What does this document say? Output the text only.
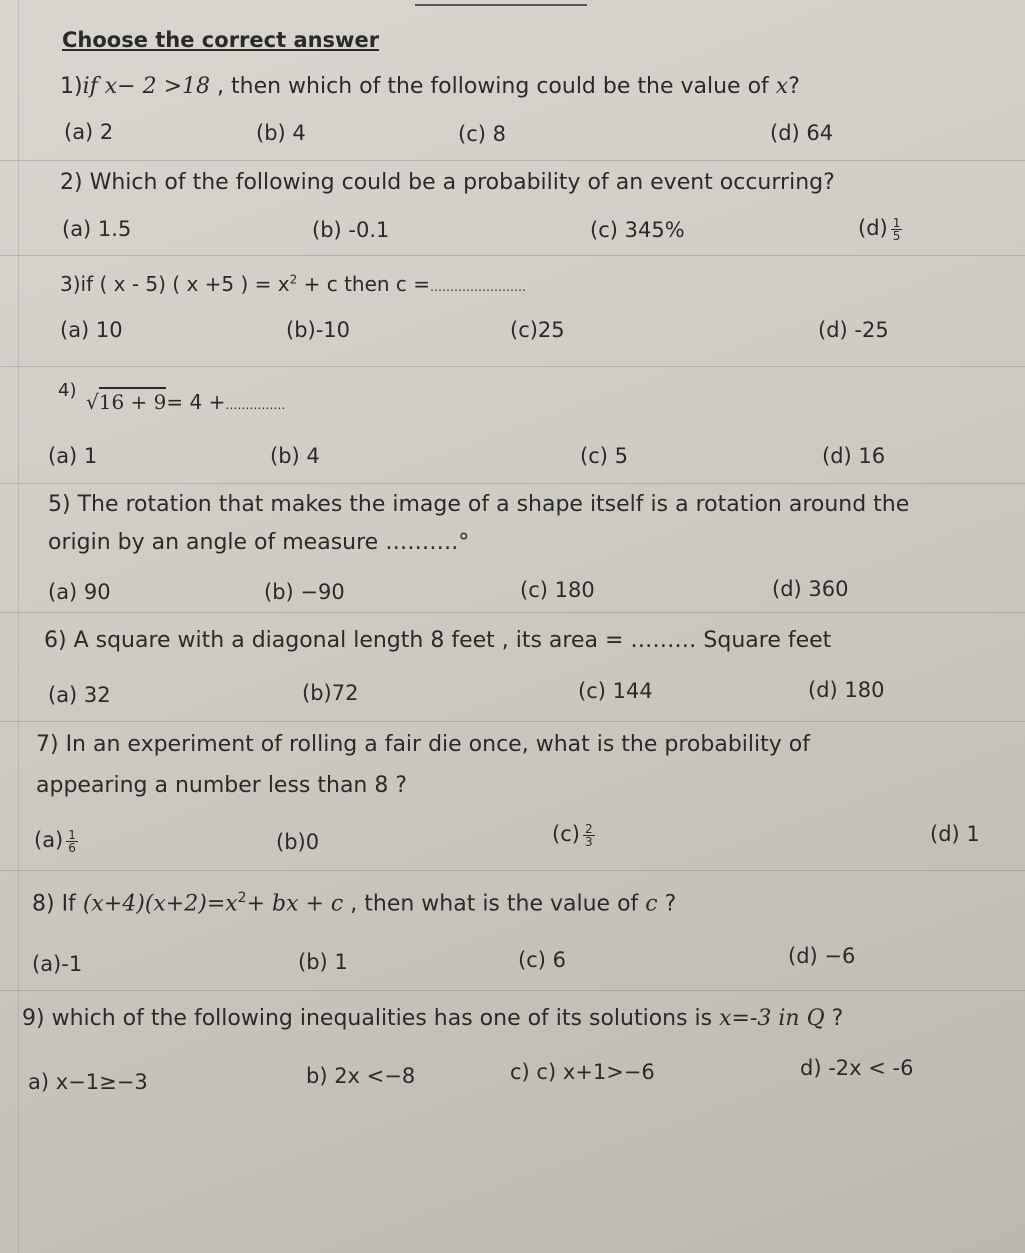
Choose the correct answer
1)if x− 2 >18 , then which of the following could be the value of x?
(a) 2	(b) 4	(c) 8	(d) 64
2) Which of the following could be a probability of an event occurring?
(a) 1.5	(b) -0.1	(c) 345%	$(d) \frac{1}{5}$
3)if ( x - 5) ( x +5 ) = $x^2 + c$ then c =……………………
(a) 10	(b)-10	(c)25	(d) -25
4) √16 + 9= 4 +……………
(a) 1	(b) 4	(c) 5	(d) 16
5) The rotation that makes the image of a shape itself is a rotation around the
origin by an angle of measure ……….°
(a) 90	(b) −90	(c) 180	(d) 360
6) A square with a diagonal length 8 feet , its area = ……… Square feet
(a) 32	(b)72	(c) 144	(d) 180
7) In an experiment of rolling a fair die once, what is the probability of
appearing a number less than 8 ?
$(a) \frac{1}{6}$	(b)0	$(c) \frac{2}{3}$	(d) 1
8) If $(x+4)(x+2)=x^2+$ bx + c , then what is the value of c ?
(a)-1	(b) 1	(c) 6	(d) −6
9) which of the following inequalities has one of its solutions is x=-3 in Q ?
a) x−1≥−3	b) 2x <−8	c) c) x+1>−6	d) -2x < -6
